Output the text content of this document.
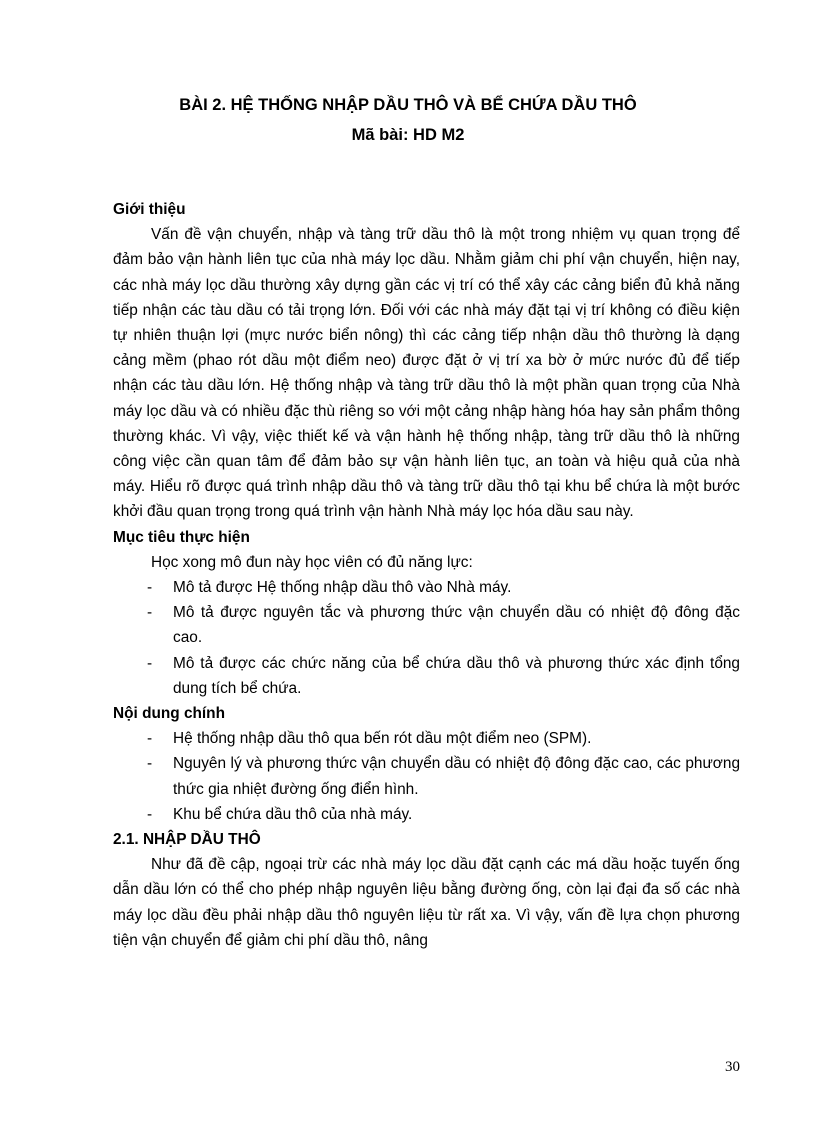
BÀI 2. HỆ THỐNG NHẬP DẦU THÔ VÀ BỂ CHỨA DẦU THÔ
Mã bài: HD M2

Giới thiệu

Vấn đề vận chuyển, nhập và tàng trữ dầu thô là một trong nhiệm vụ quan trọng để đảm bảo vận hành liên tục của nhà máy lọc dầu. Nhằm giảm chi phí vận chuyển, hiện nay, các nhà máy lọc dầu thường xây dựng gần các vị trí có thể xây các cảng biển đủ khả năng tiếp nhận các tàu dầu có tải trọng lớn. Đối với các nhà máy đặt tại vị trí không có điều kiện tự nhiên thuận lợi (mực nước biển nông) thì các cảng tiếp nhận dầu thô thường là dạng cảng mềm (phao rót dầu một điểm neo) được đặt ở vị trí xa bờ ở mức nước đủ để tiếp nhận các tàu dầu lớn. Hệ thống nhập và tàng trữ dầu thô là một phần quan trọng của Nhà máy lọc dầu và có nhiều đặc thù riêng so với một cảng nhập hàng hóa hay sản phẩm thông thường khác. Vì vậy, việc thiết kế và vận hành hệ thống nhập, tàng trữ dầu thô là những công việc cần quan tâm để đảm bảo sự vận hành liên tục, an toàn và hiệu quả của nhà máy. Hiểu rõ được quá trình nhập dầu thô và tàng trữ dầu thô tại khu bể chứa là một bước khởi đầu quan trọng trong quá trình vận hành Nhà máy lọc hóa dầu sau này.

Mục tiêu thực hiện

Học xong mô đun này học viên có đủ năng lực:

- Mô tả được Hệ thống nhập dầu thô vào Nhà máy.
- Mô tả được nguyên tắc và phương thức vận chuyển dầu có nhiệt độ đông đặc cao.
- Mô tả được các chức năng của bể chứa dầu thô và phương thức xác định tổng dung tích bể chứa.

Nội dung chính

- Hệ thống nhập dầu thô qua bến rót dầu một điểm neo (SPM).
- Nguyên lý và phương thức vận chuyển dầu có nhiệt độ đông đặc cao, các phương thức gia nhiệt đường ống điển hình.
- Khu bể chứa dầu thô của nhà máy.

2.1. NHẬP DẦU THÔ

Như đã đề cập, ngoại trừ các nhà máy lọc dầu đặt cạnh các má dầu hoặc tuyến ống dẫn dầu lớn có thể cho phép nhập nguyên liệu bằng đường ống, còn lại đại đa số các nhà máy lọc dầu đều phải nhập dầu thô nguyên liệu từ rất xa. Vì vậy, vấn đề lựa chọn phương tiện vận chuyển để giảm chi phí dầu thô, nâng

30
